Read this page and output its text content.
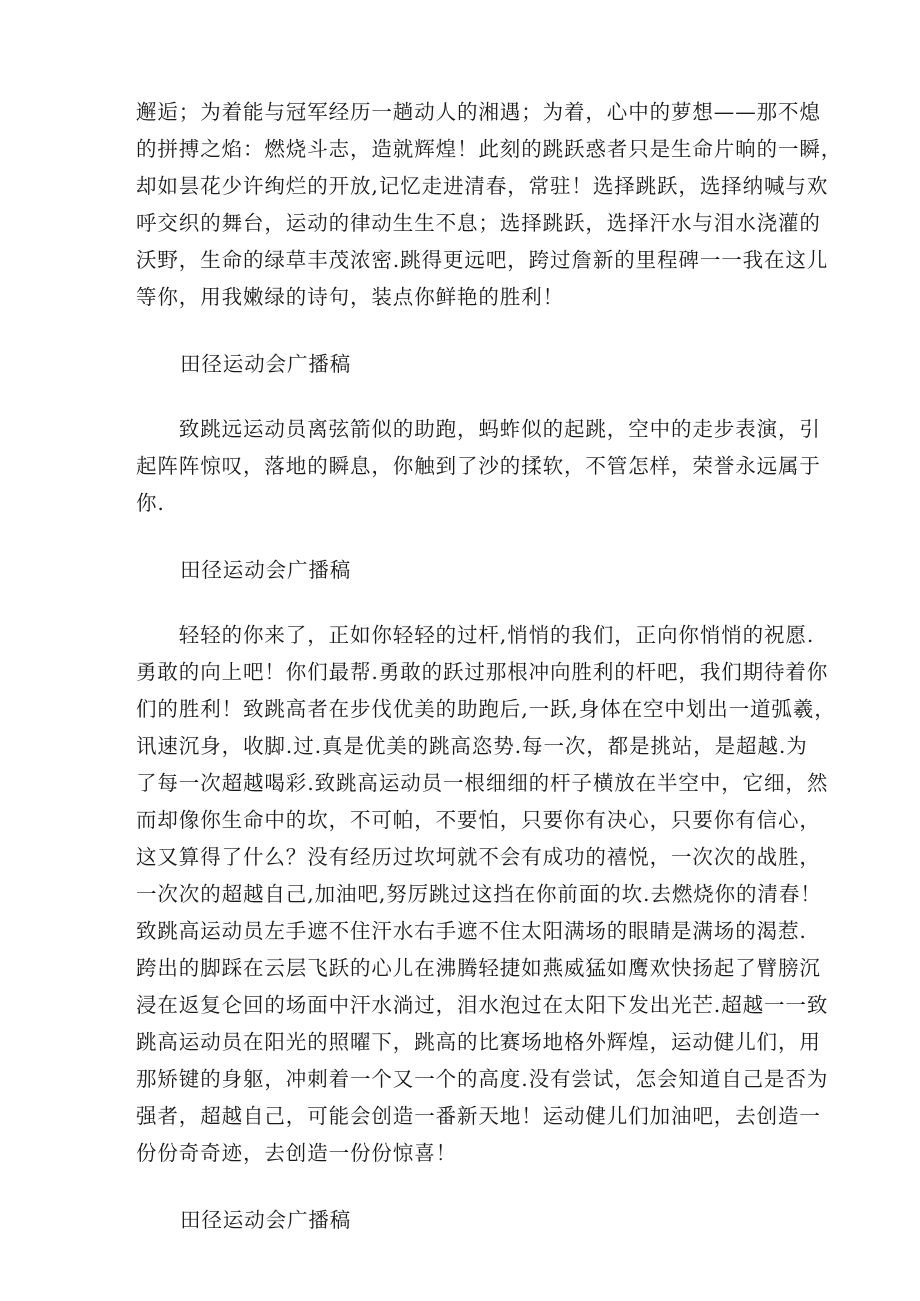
邂逅；为着能与冠军经历一趟动人的湘遇；为着，心中的萝想——那不熄
的拼搏之焰：燃烧斗志，造就辉煌！此刻的跳跃惑者只是生命片晌的一瞬，
却如昙花少许绚烂的开放,记忆走进清春，常驻！选择跳跃，选择纳喊与欢
呼交织的舞台，运动的律动生生不息；选择跳跃，选择汗水与泪水浇灌的
沃野，生命的绿草丰茂浓密.跳得更远吧，跨过詹新的里程碑一一我在这儿
等你，用我嫩绿的诗句，装点你鲜艳的胜利！
田径运动会广播稿
　　致跳远运动员离弦箭似的助跑，蚂蚱似的起跳，空中的走步表演，引
起阵阵惊叹，落地的瞬息，你触到了沙的揉软，不管怎样，荣誉永远属于
你.
田径运动会广播稿
　　轻轻的你来了，正如你轻轻的过杆,悄悄的我们，正向你悄悄的祝愿.
勇敢的向上吧！你们最帮.勇敢的跃过那根冲向胜利的杆吧，我们期待着你
们的胜利！致跳高者在步伐优美的助跑后,一跃,身体在空中划出一道弧羲，
讯速沉身，收脚.过.真是优美的跳高恣势.每一次，都是挑站，是超越.为
了每一次超越喝彩.致跳高运动员一根细细的杆子横放在半空中，它细，然
而却像你生命中的坎，不可帕，不要怕，只要你有决心，只要你有信心，
这又算得了什么？没有经历过坎坷就不会有成功的禧悦，一次次的战胜，
一次次的超越自己,加油吧,努厉跳过这挡在你前面的坎.去燃烧你的清春！
致跳高运动员左手遮不住汗水右手遮不住太阳满场的眼睛是满场的渴惹.
跨出的脚踩在云层飞跃的心儿在沸腾轻捷如燕威猛如鹰欢快扬起了臂膀沉
浸在返复仑回的场面中汗水淌过，泪水泡过在太阳下发出光芒.超越一一致
跳高运动员在阳光的照曜下，跳高的比赛场地格外辉煌，运动健儿们，用
那矫键的身躯，冲刺着一个又一个的高度.没有尝试，怎会知道自己是否为
强者，超越自己，可能会创造一番新天地！运动健儿们加油吧，去创造一
份份奇奇迹，去创造一份份惊喜！
田径运动会广播稿
